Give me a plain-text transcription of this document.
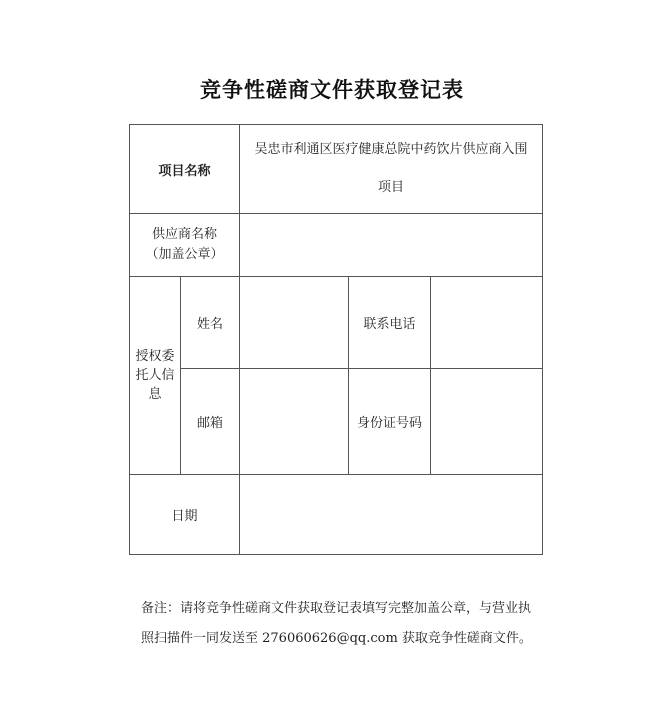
竞争性磋商文件获取登记表
项目名称		吴忠市利通区医疗健康总院中药饮片供应商入围
项目		

供应商名称
（加盖公章）				

授权委托人信息	姓名		联系电话	
	邮箱		身份证号码	
日期				
备注：请将竞争性磋商文件获取登记表填写完整加盖公章，与营业执
照扫描件一同发送至 276060626@qq.com 获取竞争性磋商文件。
